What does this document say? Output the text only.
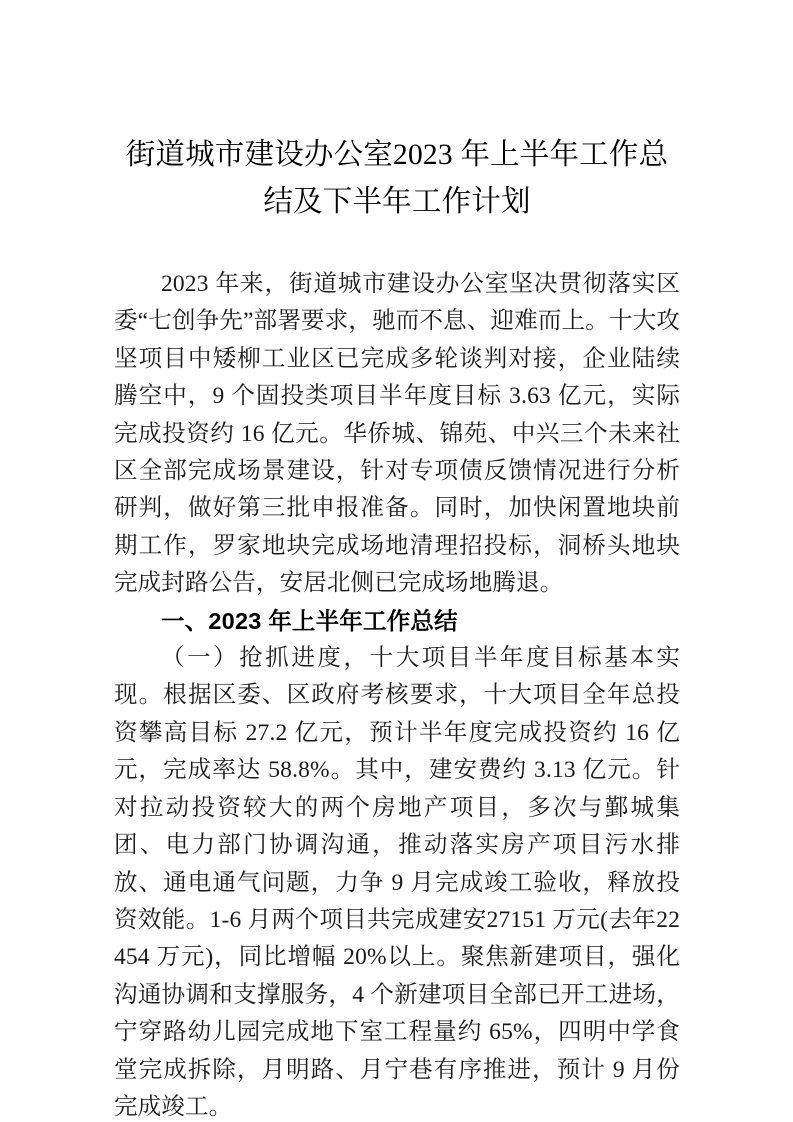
街道城市建设办公室2023 年上半年工作总结及下半年工作计划

2023 年来，街道城市建设办公室坚决贯彻落实区委“七创争先”部署要求，驰而不息、迎难而上。十大攻坚项目中矮柳工业区已完成多轮谈判对接，企业陆续腾空中，9 个固投类项目半年度目标 3.63 亿元，实际完成投资约 16 亿元。华侨城、锦苑、中兴三个未来社区全部完成场景建设，针对专项债反馈情况进行分析研判，做好第三批申报准备。同时，加快闲置地块前期工作，罗家地块完成场地清理招投标，洞桥头地块完成封路公告，安居北侧已完成场地腾退。

一、2023 年上半年工作总结

（一）抢抓进度，十大项目半年度目标基本实现。根据区委、区政府考核要求，十大项目全年总投资攀高目标 27.2 亿元，预计半年度完成投资约 16 亿元，完成率达 58.8%。其中，建安费约 3.13 亿元。针对拉动投资较大的两个房地产项目，多次与鄞城集团、电力部门协调沟通，推动落实房产项目污水排放、通电通气问题，力争 9 月完成竣工验收，释放投资效能。1-6 月两个项目共完成建安27151 万元(去年22454 万元)，同比增幅 20%以上。聚焦新建项目，强化沟通协调和支撑服务，4 个新建项目全部已开工进场，宁穿路幼儿园完成地下室工程量约 65%，四明中学食堂完成拆除，月明路、月宁巷有序推进，预计 9 月份完成竣工。
